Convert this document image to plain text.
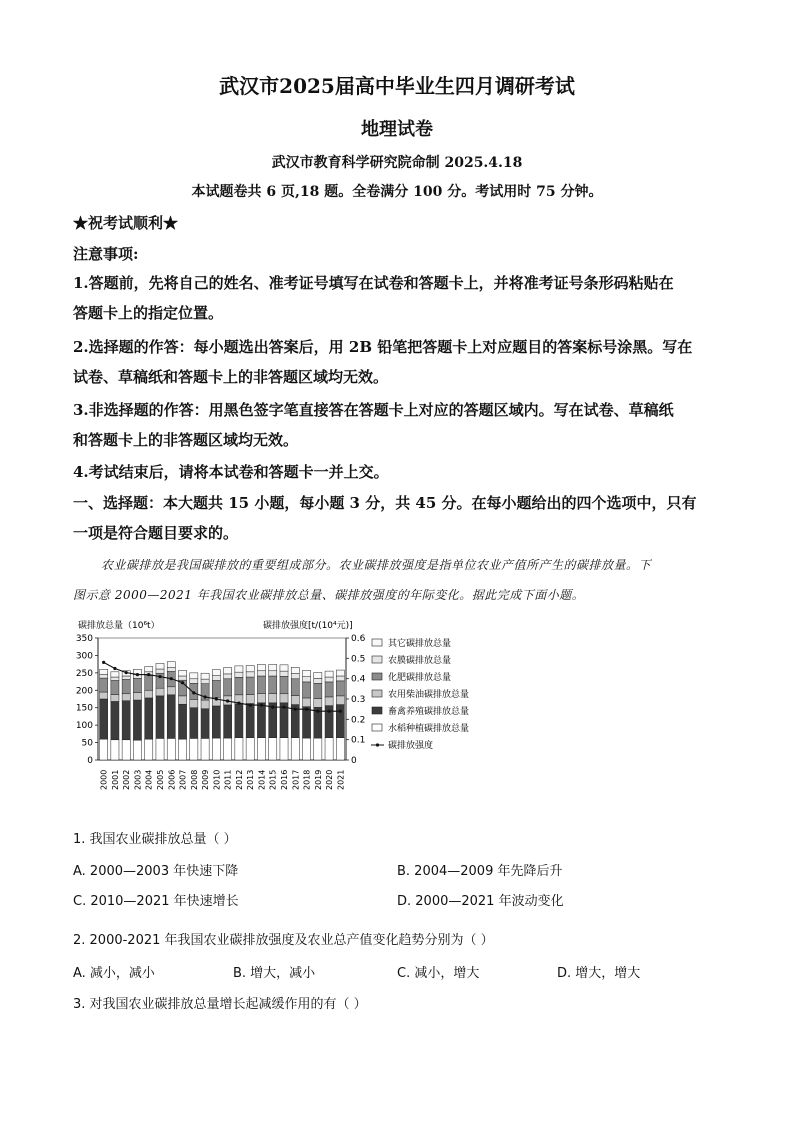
武汉市2025届高中毕业生四月调研考试
地理试卷
武汉市教育科学研究院命制 2025.4.18
本试题卷共 6 页,18 题。全卷满分 100 分。考试用时 75 分钟。
★祝考试顺利★
注意事项:
1.答题前，先将自己的姓名、准考证号填写在试卷和答题卡上，并将准考证号条形码粘贴在
答题卡上的指定位置。
2.选择题的作答：每小题选出答案后，用 2B 铅笔把答题卡上对应题目的答案标号涂黑。写在
试卷、草稿纸和答题卡上的非答题区域均无效。
3.非选择题的作答：用黑色签字笔直接答在答题卡上对应的答题区域内。写在试卷、草稿纸
和答题卡上的非答题区域均无效。
4.考试结束后，请将本试卷和答题卡一并上交。
一、选择题：本大题共 15 小题，每小题 3 分，共 45 分。在每小题给出的四个选项中，只有
一项是符合题目要求的。
农业碳排放是我国碳排放的重要组成部分。农业碳排放强度是指单位农业产值所产生的碳排放量。下
图示意 2000—2021 年我国农业碳排放总量、碳排放强度的年际变化。据此完成下面小题。
碳排放总量（10⁶t）	碳排放强度[t/(10⁴元)]
0
50
100
150
200
250
300
350
0
0.1
0.2
0.3
0.4
0.5
0.6
2000 2001 2002 2003 2004 2005 2006 2007 2008 2009 2010 2011 2012 2013 2014 2015 2016 2017 2018 2019 2020 2021
其它碳排放总量
农膜碳排放总量
化肥碳排放总量
农用柴油碳排放总量
畜禽养殖碳排放总量
水稻种植碳排放总量
碳排放强度
1. 我国农业碳排放总量（ ）
A. 2000—2003 年快速下降	B. 2004—2009 年先降后升
C. 2010—2021 年快速增长	D. 2000—2021 年波动变化
2. 2000-2021 年我国农业碳排放强度及农业总产值变化趋势分别为（ ）
A. 减小，减小	B. 增大，减小	C. 减小，增大	D. 增大，增大
3. 对我国农业碳排放总量增长起减缓作用的有（ ）
